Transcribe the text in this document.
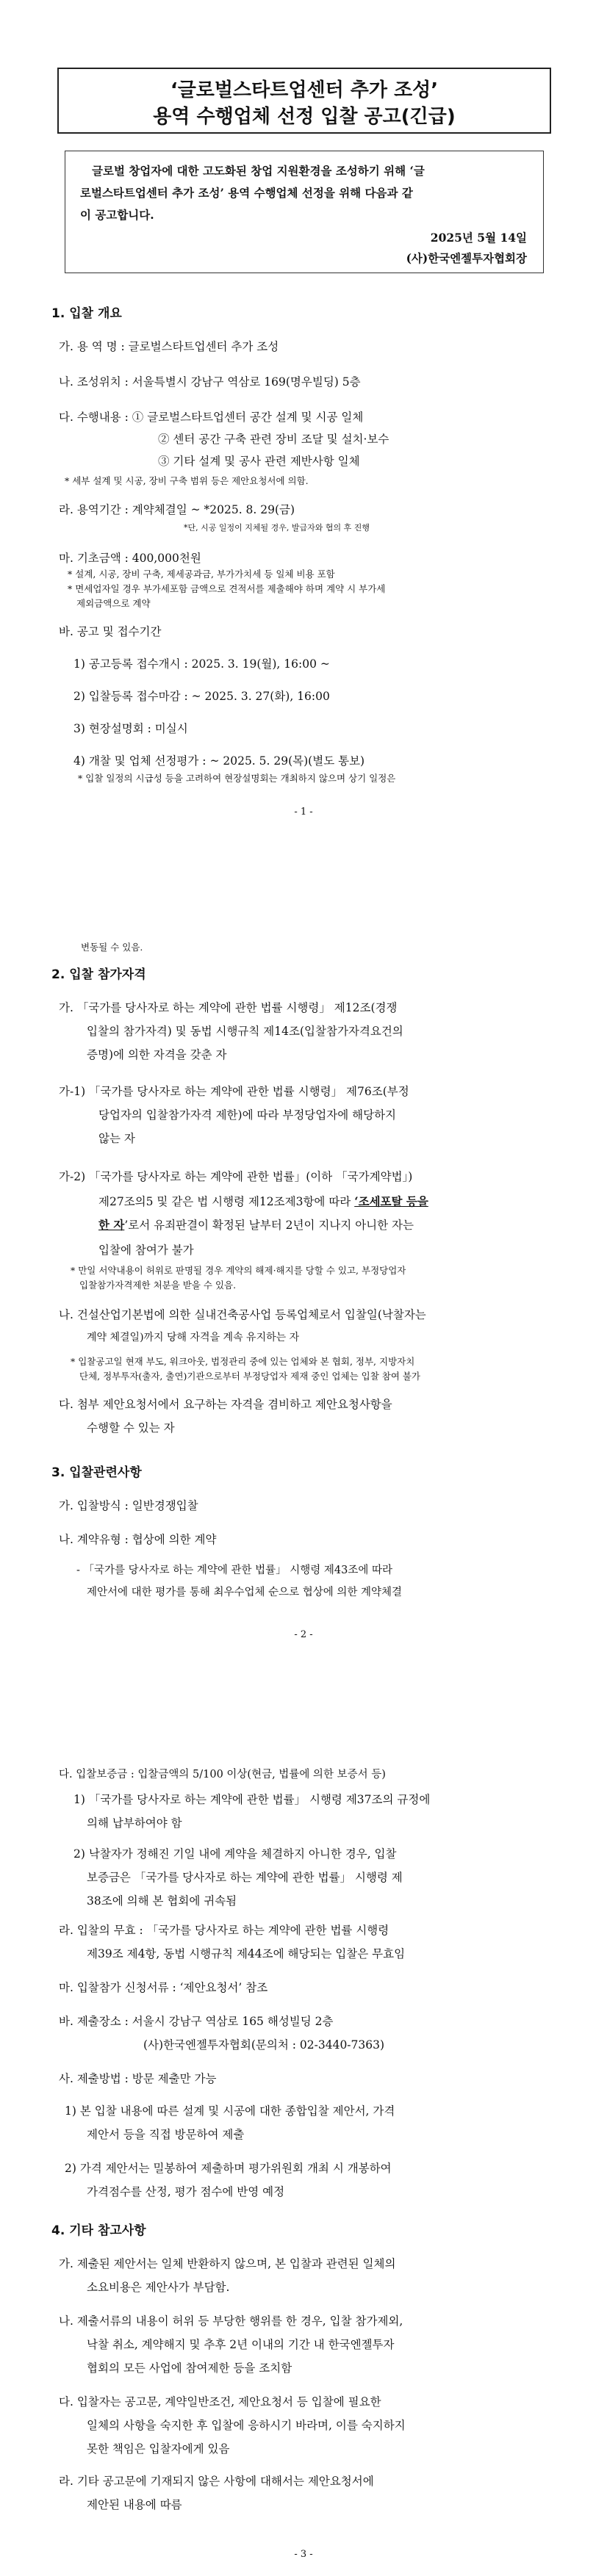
‘글로벌스타트업센터 추가 조성’
용역 수행업체 선정 입찰 공고(긴급)
글로벌 창업자에 대한 고도화된 창업 지원환경을 조성하기 위해 ‘글
로벌스타트업센터 추가 조성’ 용역 수행업체 선정을 위해 다음과 같
이 공고합니다.
2025년 5월 14일
(사)한국엔젤투자협회장
1. 입찰 개요
가. 용 역 명 : 글로벌스타트업센터 추가 조성
나. 조성위치 : 서울특별시 강남구 역삼로 169(명우빌딩) 5층
다. 수행내용 : ① 글로벌스타트업센터 공간 설계 및 시공 일체
② 센터 공간 구축 관련 장비 조달 및 설치·보수
③ 기타 설계 및 공사 관련 제반사항 일체
* 세부 설계 및 시공, 장비 구축 범위 등은 제안요청서에 의함.
라. 용역기간 : 계약체결일 ~ *2025. 8. 29(금)
*단, 시공 일정이 지체될 경우, 발급자와 협의 후 진행
마. 기초금액 : 400,000천원
* 설계, 시공, 장비 구축, 제세공과금, 부가가치세 등 일체 비용 포함
* 면세업자일 경우 부가세포함 금액으로 견적서를 제출해야 하며 계약 시 부가세
제외금액으로 계약
바. 공고 및 접수기간
1) 공고등록 접수개시 : 2025. 3. 19(월), 16:00 ~
2) 입찰등록 접수마감 : ~ 2025. 3. 27(화), 16:00
3) 현장설명회 : 미실시
4) 개찰 및 업체 선정평가 : ~ 2025. 5. 29(목)(별도 통보)
* 입찰 일정의 시급성 등을 고려하여 현장설명회는 개최하지 않으며 상기 일정은
- 1 -
변동될 수 있음.
2. 입찰 참가자격
가. 「국가를 당사자로 하는 계약에 관한 법률 시행령」 제12조(경쟁
입찰의 참가자격) 및 동법 시행규칙 제14조(입찰참가자격요건의
증명)에 의한 자격을 갖춘 자
가-1) 「국가를 당사자로 하는 계약에 관한 법률 시행령」 제76조(부정
당업자의 입찰참가자격 제한)에 따라 부정당업자에 해당하지
않는 자
가-2) 「국가를 당사자로 하는 계약에 관한 법률」(이하 「국가계약법」)
제27조의5 및 같은 법 시행령 제12조제3항에 따라 ‘조세포탈 등을
한 자’로서 유죄판결이 확정된 날부터 2년이 지나지 아니한 자는
입찰에 참여가 불가
* 만일 서약내용이 허위로 판명될 경우 계약의 해제·해지를 당할 수 있고, 부정당업자
입찰참가자격제한 처분을 받을 수 있음.
나. 건설산업기본법에 의한 실내건축공사업 등록업체로서 입찰일(낙찰자는
계약 체결일)까지 당해 자격을 계속 유지하는 자
* 입찰공고일 현재 부도, 워크아웃, 법정관리 중에 있는 업체와 본 협회, 정부, 지방자치
단체, 정부투자(출자, 출연)기관으로부터 부정당업자 제재 중인 업체는 입찰 참여 불가
다. 첨부 제안요청서에서 요구하는 자격을 겸비하고 제안요청사항을
수행할 수 있는 자
3. 입찰관련사항
가. 입찰방식 : 일반경쟁입찰
나. 계약유형 : 협상에 의한 계약
- 「국가를 당사자로 하는 계약에 관한 법률」 시행령 제43조에 따라
제안서에 대한 평가를 통해 최우수업체 순으로 협상에 의한 계약체결
- 2 -
다. 입찰보증금 : 입찰금액의 5/100 이상(현금, 법률에 의한 보증서 등)
1) 「국가를 당사자로 하는 계약에 관한 법률」 시행령 제37조의 규정에
의해 납부하여야 함
2) 낙찰자가 정해진 기일 내에 계약을 체결하지 아니한 경우, 입찰
보증금은 「국가를 당사자로 하는 계약에 관한 법률」 시행령 제
38조에 의해 본 협회에 귀속됨
라. 입찰의 무효 : 「국가를 당사자로 하는 계약에 관한 법률 시행령
제39조 제4항, 동법 시행규칙 제44조에 해당되는 입찰은 무효임
마. 입찰참가 신청서류 : ‘제안요청서’ 참조
바. 제출장소 : 서울시 강남구 역삼로 165 해성빌딩 2층
(사)한국엔젤투자협회(문의처 : 02-3440-7363)
사. 제출방법 : 방문 제출만 가능
1) 본 입찰 내용에 따른 설계 및 시공에 대한 종합입찰 제안서, 가격
제안서 등을 직접 방문하여 제출
2) 가격 제안서는 밀봉하여 제출하며 평가위원회 개최 시 개봉하여
가격점수를 산정, 평가 점수에 반영 예정
4. 기타 참고사항
가. 제출된 제안서는 일체 반환하지 않으며, 본 입찰과 관련된 일체의
소요비용은 제안사가 부담함.
나. 제출서류의 내용이 허위 등 부당한 행위를 한 경우, 입찰 참가제외,
낙찰 취소, 계약해지 및 추후 2년 이내의 기간 내 한국엔젤투자
협회의 모든 사업에 참여제한 등을 조치함
다. 입찰자는 공고문, 계약일반조건, 제안요청서 등 입찰에 필요한
일체의 사항을 숙지한 후 입찰에 응하시기 바라며, 이를 숙지하지
못한 책임은 입찰자에게 있음
라. 기타 공고문에 기재되지 않은 사항에 대해서는 제안요청서에
제안된 내용에 따름
- 3 -
